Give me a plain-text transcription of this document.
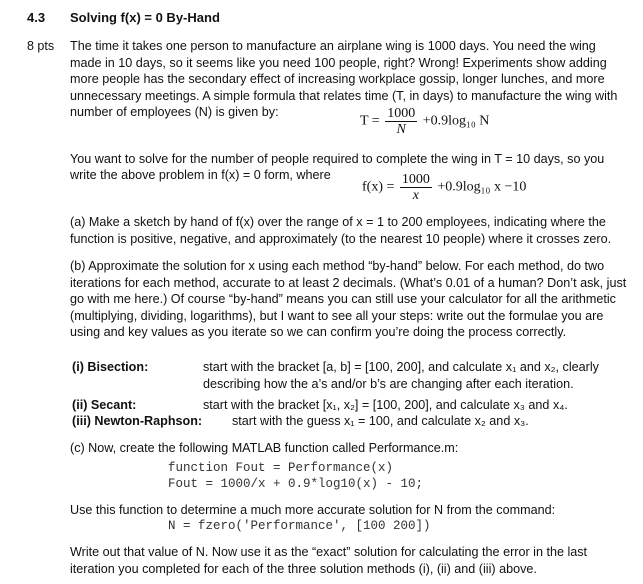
4.3
8 pts
Solving f(x) = 0 By-Hand
The time it takes one person to manufacture an airplane wing is 1000 days. You need the wing made in 10 days, so it seems like you need 100 people, right? Wrong! Experiments show adding more people has the secondary effect of increasing workplace gossip, longer lunches, and more unnecessary meetings. A simple formula that relates time (T, in days) to manufacture the wing with number of employees (N) is given by:
$T = \frac{1000}{N} +0.9\log_{10}$ N
You want to solve for the number of people required to complete the wing in T = 10 days, so you
write the above problem in f(x) = 0 form, where
$f(x) = \frac{1000}{x} +0.9\log_{10}$ x −10
(a) Make a sketch by hand of f(x) over the range of x = 1 to 200 employees, indicating where the function is positive, negative, and approximately (to the nearest 10 people) where it crosses zero.
(b) Approximate the solution for x using each method “by-hand” below. For each method, do two iterations for each method, accurate to at least 2 decimals. (What’s 0.01 of a human? Don’t ask, just go with me here.) Of course “by-hand” means you can still use your calculator for all the arithmetic (multiplying, dividing, logarithms), but I want to see all your steps: write out the formulae you are using and key values as you iterate so we can confirm you’re doing the process correctly.
(i) Bisection:	start with the bracket [a, b] = [100, 200], and calculate x₁ and x₂, clearly describing how the a’s and/or b’s are changing after each iteration.
(ii) Secant:	start with the bracket [x₁, x₂] = [100, 200], and calculate x₃ and x₄.
(iii) Newton-Raphson: start with the guess x₁ = 100, and calculate x₂ and x₃.
(c) Now, create the following MATLAB function called Performance.m:
function Fout = Performance(x)
Fout = 1000/x + 0.9*log10(x) - 10;
Use this function to determine a much more accurate solution for N from the command:
N = fzero('Performance', [100 200])
Write out that value of N. Now use it as the “exact” solution for calculating the error in the last iteration you completed for each of the three solution methods (i), (ii) and (iii) above.
